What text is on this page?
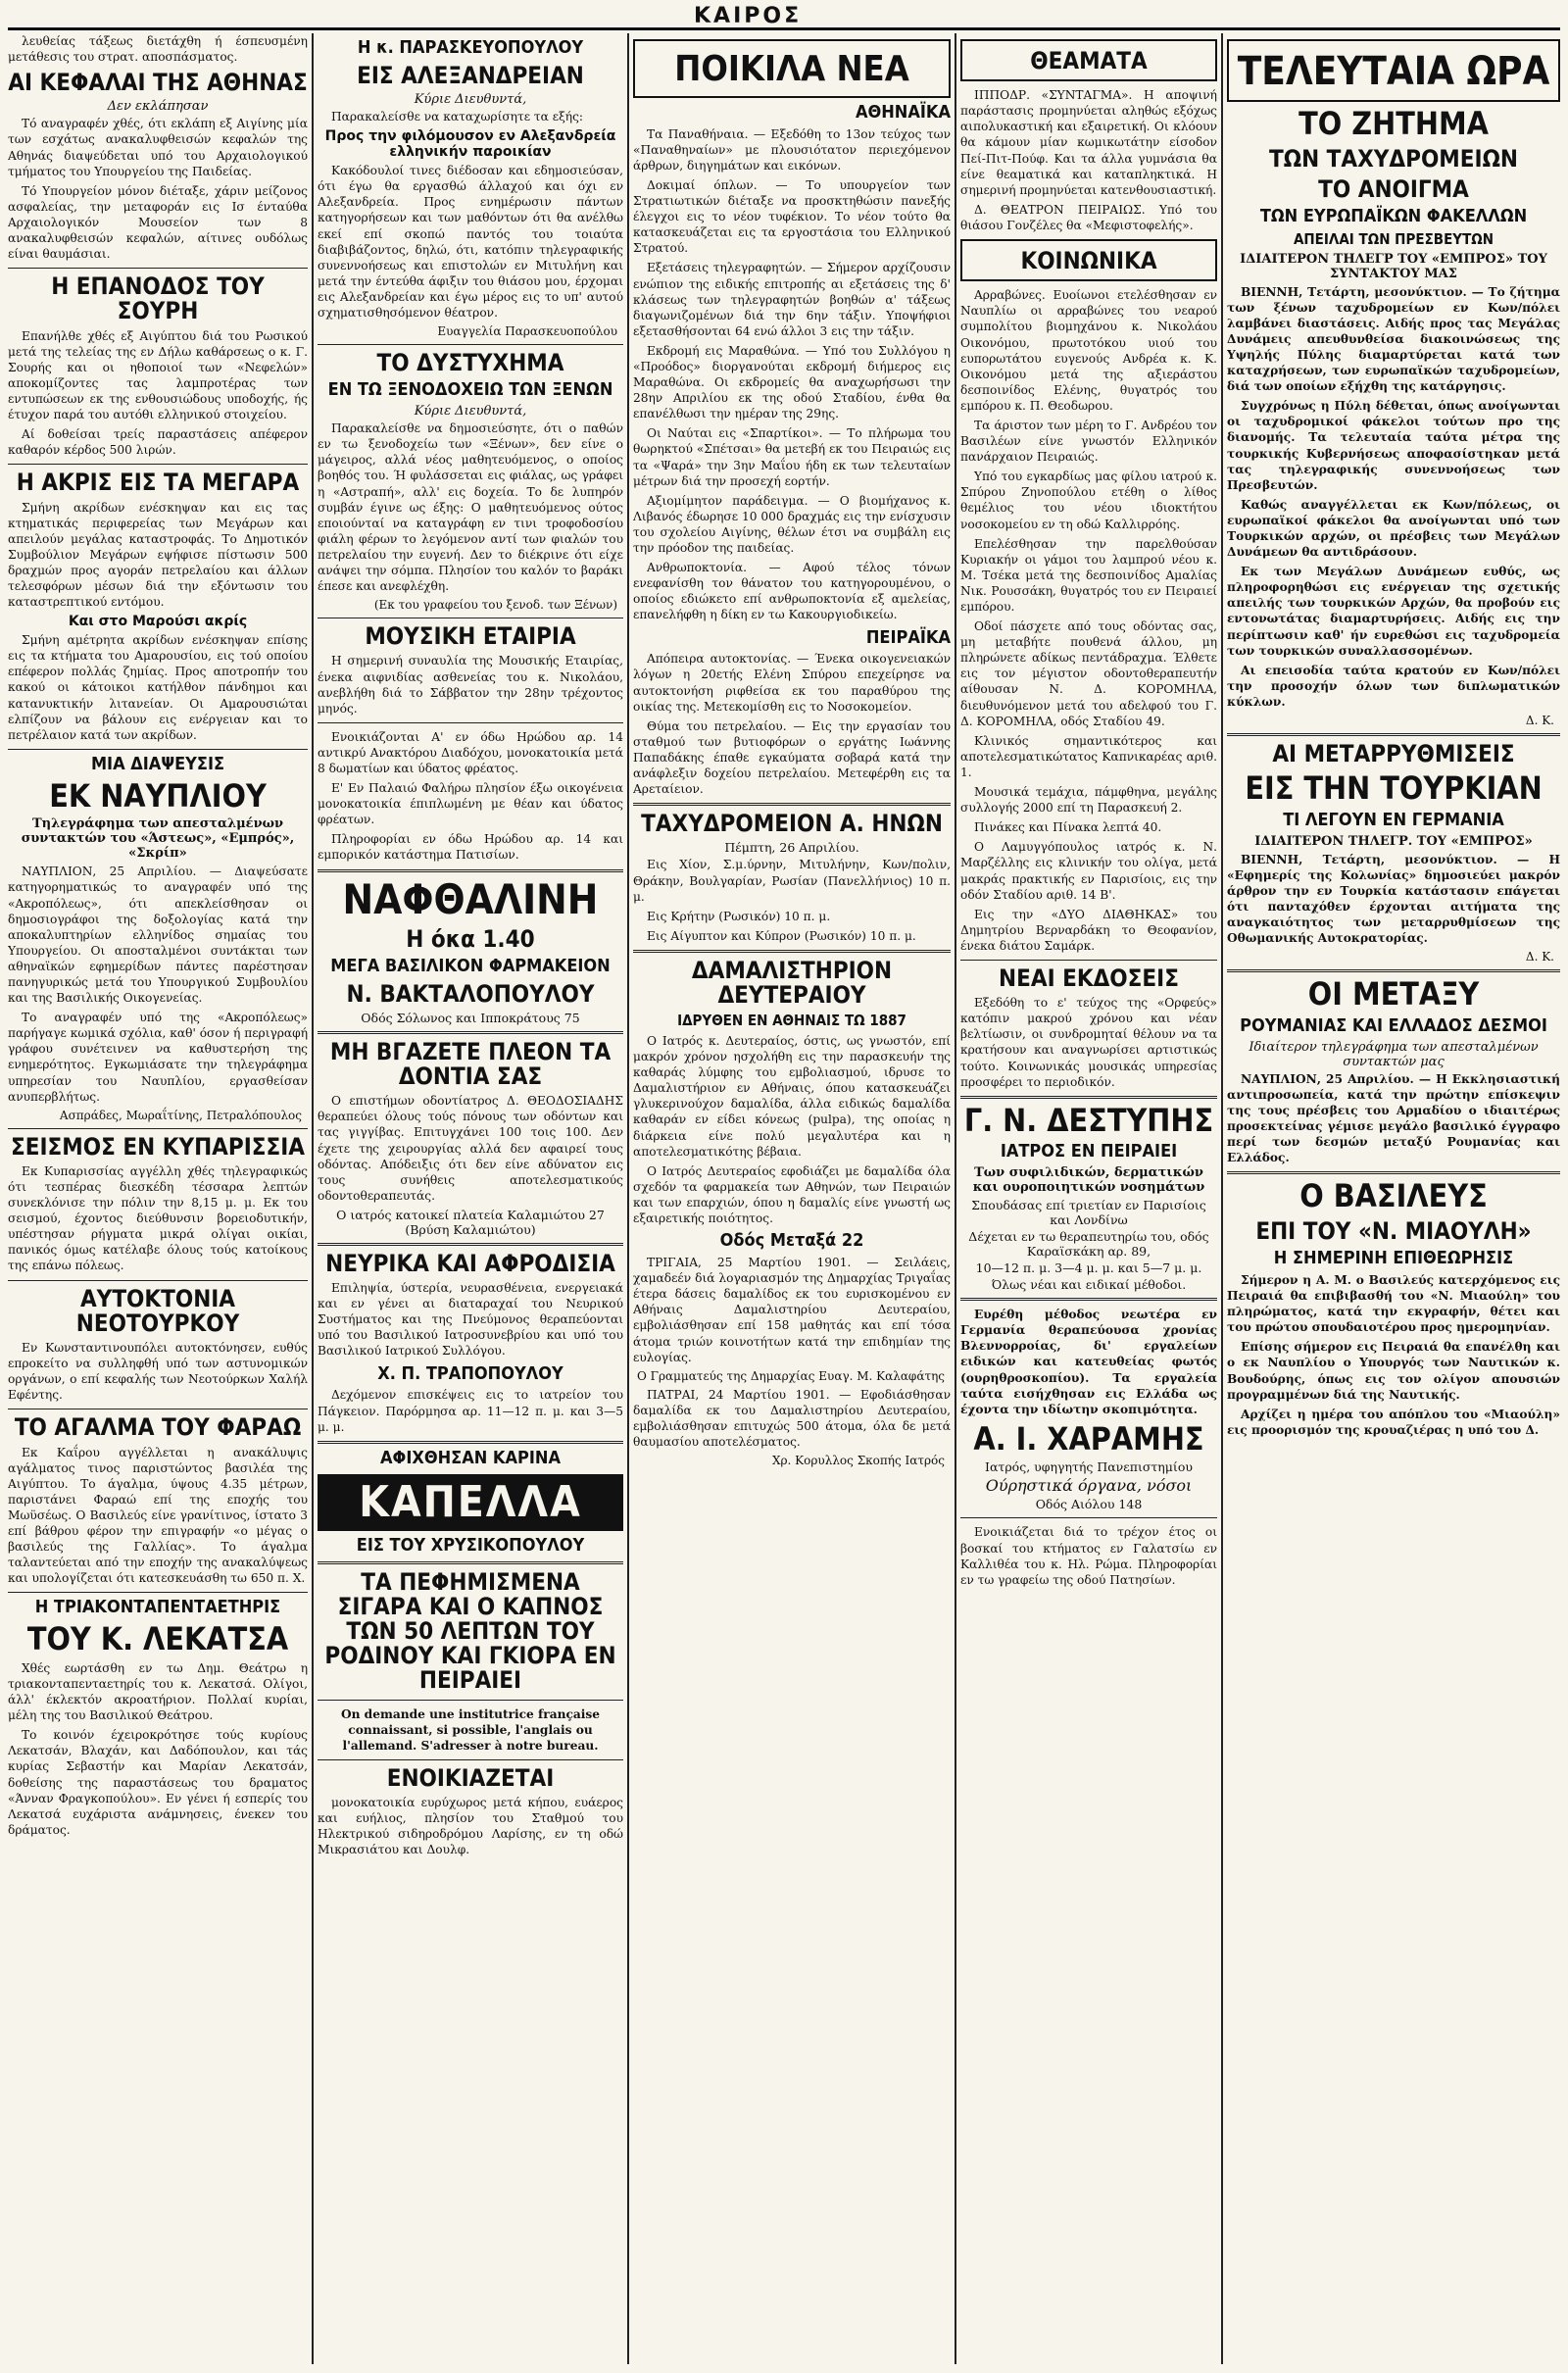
ΚΑΙΡΟΣ

λευθείας τάξεως διετάχθη ή έσπευσμένη μετάθεσις του στρατ. αποσπάσματος.

ΑΙ ΚΕΦΑΛΑΙ ΤΗΣ ΑΘΗΝΑΣ
Δεν εκλάπησαν

Τό αναγραφέν χθές, ότι εκλάπη εξ Αιγίνης μία των εσχάτως ανακαλυφθεισών κεφαλών της Αθηνάς διαψεύδεται υπό του Αρχαιολογικού τμήματος του Υπουργείου της Παιδείας.

Τό Υπουργείον μόνον διέταξε, χάριν μείζονος ασφαλείας, την μεταφοράν εις Ισ ένταύθα Αρχαιολογικόν Μουσείον των 8 ανακαλυφθεισών κεφαλών, αίτινες ουδόλως είναι θαυμάσιαι.

Η ΕΠΑΝΟΔΟΣ ΤΟΥ ΣΟΥΡΗ

Επανήλθε χθές εξ Αιγύπτου διά του Ρωσικού μετά της τελείας της εν Δήλω καθάρσεως ο κ. Γ. Σουρής και οι ηθοποιοί των «Νεφελών» αποκομίζοντες τας λαμπροτέρας των εντυπώσεων εκ της ενθουσιώδους υποδοχής, ής έτυχον παρά του αυτόθι ελληνικού στοιχείου.

Αί δοθείσαι τρείς παραστάσεις απέφερον καθαρόν κέρδος 500 λιρών.

Η ΑΚΡΙΣ ΕΙΣ ΤΑ ΜΕΓΑΡΑ

Σμήνη ακρίδων ενέσκηψαν και εις τας κτηματικάς περιφερείας των Μεγάρων και απειλούν μεγάλας καταστροφάς. Το Δημοτικόν Συμβούλιον Μεγάρων εψήφισε πίστωσιν 500 δραχμών προς αγοράν πετρελαίου και άλλων τελεσφόρων μέσων διά την εξόντωσιν του καταστρεπτικού εντόμου.

Και στο Μαρούσι ακρίς

Σμήνη αμέτρητα ακρίδων ενέσκηψαν επίσης εις τα κτήματα του Αμαρουσίου, εις τού οποίου επέφερον πολλάς ζημίας. Προς αποτροπήν του κακού οι κάτοικοι κατήλθον πάνδημοι και κατανυκτικήν λιτανείαν. Οι Αμαρουσιώται ελπίζουν να βάλουν εις ενέργειαν και το πετρέλαιον κατά των ακρίδων.

ΜΙΑ ΔΙΑΨΕΥΣΙΣ
ΕΚ ΝΑΥΠΛΙΟΥ
Τηλεγράφημα των απεσταλμένων συντακτών του «Άστεως», «Εμπρός», «Σκρίπ»

ΝΑΥΠΛΙΟΝ, 25 Απριλίου. — Διαψεύσατε κατηγορηματικώς το αναγραφέν υπό της «Ακροπόλεως», ότι απεκλείσθησαν οι δημοσιογράφοι της δοξολογίας κατά την αποκαλυπτηρίων ελληνίδος σημαίας του Υπουργείου. Οι αποσταλμένοι συντάκται των αθηναϊκών εφημερίδων πάντες παρέστησαν πανηγυρικώς μετά του Υπουργικού Συμβουλίου και της Βασιλικής Οικογενείας.

Το αναγραφέν υπό της «Ακροπόλεως» παρήγαγε κωμικά σχόλια, καθ' όσον ή περιγραφή γράφου συνέτεινεν να καθυστερήση της ενημερότητος. Εγκωμιάσατε την τηλεγράφημα υπηρεσίαν του Ναυπλίου, εργασθείσαν ανυπερβλήτως.

Ασπράδες, Μωραΐτίνης, Πετραλόπουλος
ΣΕΙΣΜΟΣ ΕΝ ΚΥΠΑΡΙΣΣΙΑ

Εκ Κυπαρισσίας αγγέλλη χθές τηλεγραφικώς ότι τεσπέρας διεσκέδη τέσσαρα λεπτών συνεκλόνισε την πόλιν την 8,15 μ. μ. Εκ του σεισμού, έχοντος διεύθυνσιν βορειοδυτικήν, υπέστησαν ρήγματα μικρά ολίγαι οικίαι, πανικός όμως κατέλαβε όλους τούς κατοίκους της επάνω πόλεως.

ΑΥΤΟΚΤΟΝΙΑ ΝΕΟΤΟΥΡΚΟΥ

Εν Κωνσταντινουπόλει αυτοκτόνησεν, ευθύς επροκείτο να συλληφθή υπό των αστυνομικών οργάνων, ο επί κεφαλής των Νεοτούρκων Χαλήλ Εφέντης.

ΤΟ ΑΓΑΛΜΑ ΤΟΥ ΦΑΡΑΩ

Εκ Καΐρου αγγέλλεται η ανακάλυψις αγάλματος τινος παριστώντος βασιλέα της Αιγύπτου. Το άγαλμα, ύψους 4.35 μέτρων, παριστάνει Φαραώ επί της εποχής του Μωϋσέως. Ο Βασιλεύς είνε γρανίτινος, ίστατο 3 επί βάθρου φέρον την επιγραφήν «ο μέγας ο βασιλεύς της Γαλλίας». Το άγαλμα ταλαντεύεται από την εποχήν της ανακαλύψεως και υπολογίζεται ότι κατεσκευάσθη τω 650 π. Χ.

Η ΤΡΙΑΚΟΝΤΑΠΕΝΤΑΕΤΗΡΙΣ
ΤΟΥ Κ. ΛΕΚΑΤΣΑ

Χθές εωρτάσθη εν τω Δημ. Θεάτρω η τριακονταπενταετηρίς του κ. Λεκατσά. Ολίγοι, άλλ' έκλεκτόν ακροατήριον. Πολλαί κυρίαι, μέλη της του Βασιλικού Θεάτρου.

Το κοινόν έχειροκρότησε τούς κυρίους Λεκατσάν, Βλαχάν, και Δαδόπουλον, και τάς κυρίας Σεβαστήν και Μαρίαν Λεκατσάν, δοθείσης της παραστάσεως του δραματος «Άνναν Φραγκοπούλου». Εν γένει ή εσπερίς του Λεκατσά ευχάριστα ανάμνησεις, ένεκεν του δράματος.

Η κ. ΠΑΡΑΣΚΕΥΟΠΟΥΛΟΥ
ΕΙΣ ΑΛΕΞΑΝΔΡΕΙΑΝ
Κύριε Διευθυντά,

Παρακαλείσθε να καταχωρίσητε τα εξής:

Προς την φιλόμουσον εν Αλεξανδρεία ελληνικήν παροικίαν

Κακόδουλοί τινες διέδοσαν και εδημοσιεύσαν, ότι έγω θα εργασθώ άλλαχού και όχι εν Αλεξανδρεία. Προς ενημέρωσιν πάντων κατηγορήσεων και των μαθόντων ότι θα ανέλθω εκεί επί σκοπώ παντός του τοιαύτα διαβιβάζοντος, δηλώ, ότι, κατόπιν τηλεγραφικής συνεννοήσεως και επιστολών εν Μιτυλήνη και μετά την έντεύθα άφιξιν του θιάσου μου, έρχομαι εις Αλεξανδρείαν και έγω μέρος εις το υπ' αυτού σχηματισθησόμενον θέατρον.

Ευαγγελία Παρασκευοπούλου
ΤΟ ΔΥΣΤΥΧΗΜΑ
ΕΝ ΤΩ ΞΕΝΟΔΟΧΕΙΩ ΤΩΝ ΞΕΝΩΝ
Κύριε Διευθυντά,

Παρακαλείσθε να δημοσιεύσητε, ότι ο παθών εν τω ξενοδοχείω των «Ξένων», δεν είνε ο μάγειρος, αλλά νέος μαθητευόμενος, ο οποίος βοηθός του. Ή φυλάσσεται εις φιάλας, ως γράφει η «Αστραπή», αλλ' εις δοχεία. Το δε λυπηρόν συμβάν έγινε ως έξης: Ο μαθητευόμενος ούτος εποιούνταί να καταγράφη εν τινι τροφοδοσίου φιάλη φέρων το λεγόμενον αντί των φιαλών του πετρελαίου την ευγενή. Δεν το διέκρινε ότι είχε ανάψει την σόμπα. Πλησίον του καλόν το βαράκι έπεσε και ανεφλέχθη.

(Εκ του γραφείου του ξενοδ. των Ξένων)
ΜΟΥΣΙΚΗ ΕΤΑΙΡΙΑ

Η σημερινή συναυλία της Μουσικής Εταιρίας, ένεκα αιφνιδίας ασθενείας του κ. Νικολάου, ανεβλήθη διά το Σάββατον την 28ην τρέχοντος μηνός.

Ενοικιάζονται Α' εν όδω Ηρώδου αρ. 14 αντικρύ Ανακτόρου Διαδόχου, μονοκατοικία μετά 8 δωματίων και ύδατος φρέατος.

Ε' Εν Παλαιώ Φαλήρω πλησίον έξω οικογένεια μονοκατοικία έπιπλωμένη με θέαν και ύδατος φρέατων.

Πληροφορίαι εν όδω Ηρώδου αρ. 14 και εμπορικόν κατάστημα Πατισίων.

ΝΑΦΘΑΛΙΝΗ
Η όκα 1.40
ΜΕΓΑ ΒΑΣΙΛΙΚΟΝ ΦΑΡΜΑΚΕΙΟΝ
Ν. ΒΑΚΤΑΛΟΠΟΥΛΟΥ
Οδός Σόλωνος και Ιπποκράτους 75
ΜΗ ΒΓΑΖΕΤΕ ΠΛΕΟΝ ΤΑ ΔΟΝΤΙΑ ΣΑΣ

Ο επιστήμων οδοντίατρος Δ. ΘΕΟΔΟΣΙΑΔΗΣ θεραπεύει όλους τούς πόνους των οδόντων και τας γιγγίβας. Επιτυγχάνει 100 τοις 100. Δεν έχετε της χειρουργίας αλλά δεν αφαιρεί τους οδόντας. Απόδειξις ότι δεν είνε αδύνατον εις τους συνήθεις αποτελεσματικούς οδοντοθεραπευτάς.

Ο ιατρός κατοικεί πλατεία Καλαμιώτου 27 (Βρύση Καλαμιώτου)
ΝΕΥΡΙΚΑ ΚΑΙ ΑΦΡΟΔΙΣΙΑ

Επιληψία, ύστερία, νευρασθένεια, ενεργειακά και εν γένει αι διαταραχαί του Νευρικού Συστήματος και της Πνεύμονος θεραπεύονται υπό του Βασιλικού Ιατροσυνεβρίου και υπό του Βασιλικού Ιατρικού Συλλόγου.

Χ. Π. ΤΡΑΠΟΠΟΥΛΟΥ

Δεχόμενον επισκέψεις εις το ιατρείον του Πάγκειον. Παρόρμησα αρ. 11—12 π. μ. και 3—5 μ. μ.

ΑΦΙΧΘΗΣΑΝ ΚΑΡΙΝΑ
ΚΑΠΕΛΛΑ
ΕΙΣ ΤΟΥ ΧΡΥΣΙΚΟΠΟΥΛΟΥ
ΤΑ ΠΕΦΗΜΙΣΜΕΝΑ ΣΙΓΑΡΑ ΚΑΙ Ο ΚΑΠΝΟΣ ΤΩΝ 50 ΛΕΠΤΩΝ ΤΟΥ ΡΟΔΙΝΟΥ ΚΑΙ ΓΚΙΟΡΑ ΕΝ ΠΕΙΡΑΙΕΙ

On demande une institutrice française connaissant, si possible, l'anglais ou l'allemand. S'adresser à notre bureau.

ΕΝΟΙΚΙΑΖΕΤΑΙ

μονοκατοικία ευρύχωρος μετά κήπου, ευάερος και ευήλιος, πλησίον του Σταθμού του Ηλεκτρικού σιδηροδρόμου Λαρίσης, εν τη οδώ Μικρασιάτου και Δουλφ.

ΠΟΙΚΙΛΑ ΝΕΑ
ΑΘΗΝΑΪΚΑ

Τα Παναθήναια. — Εξεδόθη το 13ον τεύχος των «Παναθηναίων» με πλουσιότατον περιεχόμενον άρθρων, διηγημάτων και εικόνων.

Δοκιμαί όπλων. — Το υπουργείον των Στρατιωτικών διέταξε να προσκτηθώσιν πανεξής έλεγχοι εις το νέον τυφέκιον. Το νέον τούτο θα κατασκευάζεται εις τα εργοστάσια του Ελληνικού Στρατού.

Εξετάσεις τηλεγραφητών. — Σήμερον αρχίζουσιν ενώπιον της ειδικής επιτροπής αι εξετάσεις της δ' κλάσεως των τηλεγραφητών βοηθών α' τάξεως διαγωνιζομένων διά την 6ην τάξιν. Υποψήφιοι εξετασθήσονται 64 ενώ άλλοι 3 εις την τάξιν.

Εκδρομή εις Μαραθώνα. — Υπό του Συλλόγου η «Προόδος» διοργανούται εκδρομή διήμερος εις Μαραθώνα. Οι εκδρομείς θα αναχωρήσωσι την 28ην Απριλίου εκ της οδού Σταδίου, ένθα θα επανέλθωσι την ημέραν της 29ης.

Οι Ναύται εις «Σπαρτίκοι». — Το πλήρωμα του θωρηκτού «Σπέτσαι» θα μετεβή εκ του Πειραιώς εις τα «Ψαρά» την 3ην Μαΐου ήδη εκ των τελευταίων μέτρων διά την προσεχή εορτήν.

Αξιομίμητον παράδειγμα. — Ο βιομήχανος κ. Λιβανός έδωρησε 10 000 δραχμάς εις την ενίσχυσιν του σχολείου Αιγίνης, θέλων έτσι να συμβάλη εις την πρόοδον της παιδείας.

Ανθρωποκτονία. — Αφού τέλος τόνων ενεφανίσθη τον θάνατον του κατηγορουμένου, ο οποίος εδιώκετο επί ανθρωποκτονία εξ αμελείας, επανελήφθη η δίκη εν τω Κακουργιοδικείω.

ΠΕΙΡΑΪΚΑ

Απόπειρα αυτοκτονίας. — Ένεκα οικογενειακών λόγων η 20ετής Ελένη Σπύρου επεχείρησε να αυτοκτονήση ριφθείσα εκ του παραθύρου της οικίας της. Μετεκομίσθη εις το Νοσοκομείον.

Θύμα του πετρελαίου. — Εις την εργασίαν του σταθμού των βυτιοφόρων ο εργάτης Ιωάννης Παπαδάκης έπαθε εγκαύματα σοβαρά κατά την ανάφλεξιν δοχείου πετρελαίου. Μετεφέρθη εις τα Αρεταίειον.

ΤΑΧΥΔΡΟΜΕΙΟΝ Α. ΗΝΩΝ
Πέμπτη, 26 Απριλίου.

Εις Χίον, Σ.μ.ύρνην, Μιτυλήνην, Κων/πολιν, Θράκην, Βουλγαρίαν, Ρωσίαν (Πανελλήνιος) 10 π. μ.

Εις Κρήτην (Ρωσικόν) 10 π. μ.

Εις Αίγυπτον και Κύπρον (Ρωσικόν) 10 π. μ.

ΔΑΜΑΛΙΣΤΗΡΙΟΝ ΔΕΥΤΕΡΑΙΟΥ
ΙΔΡΥΘΕΝ ΕΝ ΑΘΗΝΑΙΣ ΤΩ 1887

Ο Ιατρός κ. Δευτεραίος, όστις, ως γνωστόν, επί μακρόν χρόνον ησχολήθη εις την παρασκευήν της καθαράς λύμφης του εμβολιασμού, ιδρυσε το Δαμαλιστήριον εν Αθήναις, όπου κατασκευάζει γλυκερινούχον δαμαλίδα, άλλα ειδικώς δαμαλίδα καθαράν εν είδει κόνεως (pulpa), της οποίας η διάρκεια είνε πολύ μεγαλυτέρα και η αποτελεσματικότης βέβαια.

Ο Ιατρός Δευτεραίος εφοδιάζει με δαμαλίδα όλα σχεδόν τα φαρμακεία των Αθηνών, των Πειραιών και των επαρχιών, όπου η δαμαλίς είνε γνωστή ως εξαιρετικής ποιότητος.

Οδός Μεταξά 22

ΤΡΙΓΑΙΑ, 25 Μαρτίου 1901. — Σειλάεις, χαμαδεέν διά λογαριασμόν της Δημαρχίας Τριγαΐας έτερα δάσεις δαμαλίδος εκ του ευρισκομένου εν Αθήναις Δαμαλιστηρίου Δευτεραίου, εμβολιάσθησαν επί 158 μαθητάς και επί τόσα άτομα τριών κοινοτήτων κατά την επιδημίαν της ευλογίας.

Ο Γραμματεύς της Δημαρχίας Ευαγ. Μ. Καλαφάτης

ΠΑΤΡΑΙ, 24 Μαρτίου 1901. — Εφοδιάσθησαν δαμαλίδα εκ του Δαμαλιστηρίου Δευτεραίου, εμβολιάσθησαν επιτυχώς 500 άτομα, όλα δε μετά θαυμασίου αποτελέσματος.

Χρ. Κορυλλος Σκοπής Ιατρός
ΘΕΑΜΑΤΑ

ΙΠΠΟΔΡ. «ΣΥΝΤΑΓΜΑ». Η αποψινή παράστασις προμηνύεται αληθώς εξόχως αιπολυκαστική και εξαιρετική. Οι κλόουν θα κάμουν μίαν κωμικωτάτην είσοδον Πεί-Πιτ-Πούφ. Και τα άλλα γυμνάσια θα είνε θεαματικά και καταπληκτικά. Η σημερινή προμηνύεται κατενθουσιαστική.

Δ. ΘΕΑΤΡΟΝ ΠΕΙΡΑΙΩΣ. Υπό του θιάσου Γονζέλες θα «Μεφιστοφελής».

ΚΟΙΝΩΝΙΚΑ

Αρραβώνες. Ευοίωνοι ετελέσθησαν εν Ναυπλίω οι αρραβώνες του νεαρού συμπολίτου βιομηχάνου κ. Νικολάου Οικονόμου, πρωτοτόκου υιού του ευπορωτάτου ευγενούς Ανδρέα κ. Κ. Οικονόμου μετά της αξιεράστου δεσποινίδος Ελένης, θυγατρός του εμπόρου κ. Π. Θεοδωρου.

Τα άριστον των μέρη το Γ. Ανδρέου τον Βασιλέων είνε γνωστόν Ελληνικόν πανάρχαιον Πειραιώς.

Υπό του εγκαρδίως μας φίλου ιατρού κ. Σπύρου Ζηνοπούλου ετέθη ο λίθος θεμέλιος του νέου ιδιοκτήτου νοσοκομείου εν τη οδώ Καλλιρρόης.

Επελέσθησαν την παρελθούσαν Κυριακήν οι γάμοι του λαμπρού νέου κ. Μ. Τσέκα μετά της δεσποινίδος Αμαλίας Νικ. Ρουσσάκη, θυγατρός του εν Πειραιεί εμπόρου.

Οδοί πάσχετε από τους οδόντας σας, μη μεταβήτε πουθενά άλλου, μη πληρώνετε αδίκως πεντάδραχμα. Έλθετε εις τον μέγιστον οδοντοθεραπευτήν αίθουσαν Ν. Δ. ΚΟΡΟΜΗΛΑ, διευθυνόμενον μετά του αδελφού του Γ. Δ. ΚΟΡΟΜΗΛΑ, οδός Σταδίου 49.

Κλινικός σημαντικότερος και αποτελεσματικώτατος Καπνικαρέας αριθ. 1.

Μουσικά τεμάχια, πάμφθηνα, μεγάλης συλλογής 2000 επί τη Παρασκευή 2.

Πινάκες και Πίνακα λεπτά 40.

Ο Λαμυγγόπουλος ιατρός κ. Ν. Μαρζέλλης εις κλινικήν του ολίγα, μετά μακράς πρακτικής εν Παρισίοις, εις την οδόν Σταδίου αριθ. 14 Β'.

Εις την «ΔΥΟ ΔΙΑΘΗΚΑΣ» του Δημητρίου Βερναρδάκη το Θεοφανίον, ένεκα διάτου Σαμάρκ.

ΝΕΑΙ ΕΚΔΟΣΕΙΣ

Εξεδόθη το ε' τεύχος της «Ορφεύς» κατόπιν μακρού χρόνου και νέαν βελτίωσιν, οι συνδρομηταί θέλουν να τα κρατήσουν και αναγνωρίσει αρτιστικώς τούτο. Κοινωνικάς μουσικάς υπηρεσίας προσφέρει το περιοδικόν.

Γ. Ν. ΔΕΣΤΥΠΗΣ
ΙΑΤΡΟΣ ΕΝ ΠΕΙΡΑΙΕΙ
Των συφιλιδικών, δερματικών και ουροποιητικών νοσημάτων
Σπουδάσας επί τριετίαν εν Παρισίοις και Λονδίνω
Δέχεται εν τω θεραπευτηρίω του, οδός Καραϊσκάκη αρ. 89,
10—12 π. μ. 3—4 μ. μ. και 5—7 μ. μ.
Όλως νέαι και ειδικαί μέθοδοι.

Ευρέθη μέθοδος νεωτέρα εν Γερμανία θεραπεύουσα χρονίας Βλεννορροίας, δι' εργαλείων ειδικών και κατευθείας φωτός (ουρηθροσκοπίου). Τα εργαλεία ταύτα εισήχθησαν εις Ελλάδα ως έχοντα την ιδίωτην σκοπιμότητα.

Α. Ι. ΧΑΡΑΜΗΣ
Ιατρός, υφηγητής Πανεπιστημίου
Ούρηστικά όργανα, νόσοι
Οδός Αιόλου 148

Ενοικιάζεται διά το τρέχον έτος οι βοσκαί του κτήματος εν Γαλατσίω εν Καλλιθέα του κ. Ηλ. Ρώμα. Πληροφορίαι εν τω γραφείω της οδού Πατησίων.

ΤΕΛΕΥΤΑΙΑ ΩΡΑ
ΤΟ ΖΗΤΗΜΑ
ΤΩΝ ΤΑΧΥΔΡΟΜΕΙΩΝ
ΤΟ ΑΝΟΙΓΜΑ
ΤΩΝ ΕΥΡΩΠΑΪΚΩΝ ΦΑΚΕΛΛΩΝ
ΑΠΕΙΛΑΙ ΤΩΝ ΠΡΕΣΒΕΥΤΩΝ
ΙΔΙΑΙΤΕΡΟΝ ΤΗΛΕΓΡ ΤΟΥ «ΕΜΠΡΟΣ» ΤΟΥ ΣΥΝΤΑΚΤΟΥ ΜΑΣ

ΒΙΕΝΝΗ, Τετάρτη, μεσονύκτιον. — Το ζήτημα των ξένων ταχυδρομείων εν Κων/πόλει λαμβάνει διαστάσεις. Αιδής προς τας Μεγάλας Δυνάμεις απευθυνθείσα διακοινώσεως της Υψηλής Πύλης διαμαρτύρεται κατά των καταχρήσεων, των ευρωπαϊκών ταχυδρομείων, διά των οποίων εξήχθη της κατάργησις.

Συγχρόνως η Πύλη δέθεται, όπως ανοίγωνται οι ταχυδρομικοί φάκελοι τούτων προ της διανομής. Τα τελευταία ταύτα μέτρα της τουρκικής Κυβερνήσεως αποφασίστηκαν μετά τας τηλεγραφικής συνεννοήσεως των Πρεσβευτών.

Καθώς αναγγέλλεται εκ Κων/πόλεως, οι ευρωπαϊκοί φάκελοι θα ανοίγωνται υπό των Τουρκικών αρχών, οι πρέσβεις των Μεγάλων Δυνάμεων θα αντιδράσουν.

Εκ των Μεγάλων Δυνάμεων ευθύς, ως πληροφορηθώσι εις ενέργειαν της σχετικής απειλής των τουρκικών Αρχών, θα προβούν εις εντονωτάτας διαμαρτυρήσεις. Αιδής εις την περίπτωσιν καθ' ήν ευρεθώσι εις ταχυδρομεία των τουρκικών συναλλασσομένων.

Αι επεισοδία ταύτα κρατούν εν Κων/πόλει την προσοχήν όλων των διπλωματικών κύκλων.

Δ. Κ.
ΑΙ ΜΕΤΑΡΡΥΘΜΙΣΕΙΣ
ΕΙΣ ΤΗΝ ΤΟΥΡΚΙΑΝ
ΤΙ ΛΕΓΟΥΝ ΕΝ ΓΕΡΜΑΝΙΑ
ΙΔΙΑΙΤΕΡΟΝ ΤΗΛΕΓΡ. ΤΟΥ «ΕΜΠΡΟΣ»

ΒΙΕΝΝΗ, Τετάρτη, μεσονύκτιον. — Η «Εφημερίς της Κολωνίας» δημοσιεύει μακρόν άρθρον την εν Τουρκία κατάστασιν επάγεται ότι πανταχόθεν έρχονται αιτήματα της αναγκαιότητος των μεταρρυθμίσεων της Οθωμανικής Αυτοκρατορίας.

Δ. Κ.
ΟΙ ΜΕΤΑΞΥ
ΡΟΥΜΑΝΙΑΣ ΚΑΙ ΕΛΛΑΔΟΣ ΔΕΣΜΟΙ
Ιδιαίτερον τηλεγράφημα των απεσταλμένων συντακτών μας

ΝΑΥΠΛΙΟΝ, 25 Απριλίου. — Η Εκκλησιαστική αντιπροσωπεία, κατά την πρώτην επίσκεψιν της τους πρέσβεις του Αρμαδίου ο ιδιαιτέρως προσεκτείνας γέμισε μεγάλο βασιλικό έγγραφο περί των δεσμών μεταξύ Ρουμανίας και Ελλάδος.

Ο ΒΑΣΙΛΕΥΣ
ΕΠΙ ΤΟΥ «Ν. ΜΙΑΟΥΛΗ»
Η ΣΗΜΕΡΙΝΗ ΕΠΙΘΕΩΡΗΣΙΣ

Σήμερον η Α. Μ. ο Βασιλεύς κατερχόμενος εις Πειραιά θα επιβιβασθή του «Ν. Μιαούλη» του πληρώματος, κατά την εκγραφήν, θέτει και του πρώτου σπουδαιοτέρου προς ημερομηνίαν.

Επίσης σήμερον εις Πειραιά θα επανέλθη και ο εκ Ναυπλίου ο Υπουργός των Ναυτικών κ. Βουδούρης, όπως εις τον ολίγον απουσιών προγραμμένων διά της Ναυτικής.

Αρχίζει η ημέρα του απόπλου του «Μιαούλη» εις προορισμόν της κρουαζιέρας η υπό του Δ.
